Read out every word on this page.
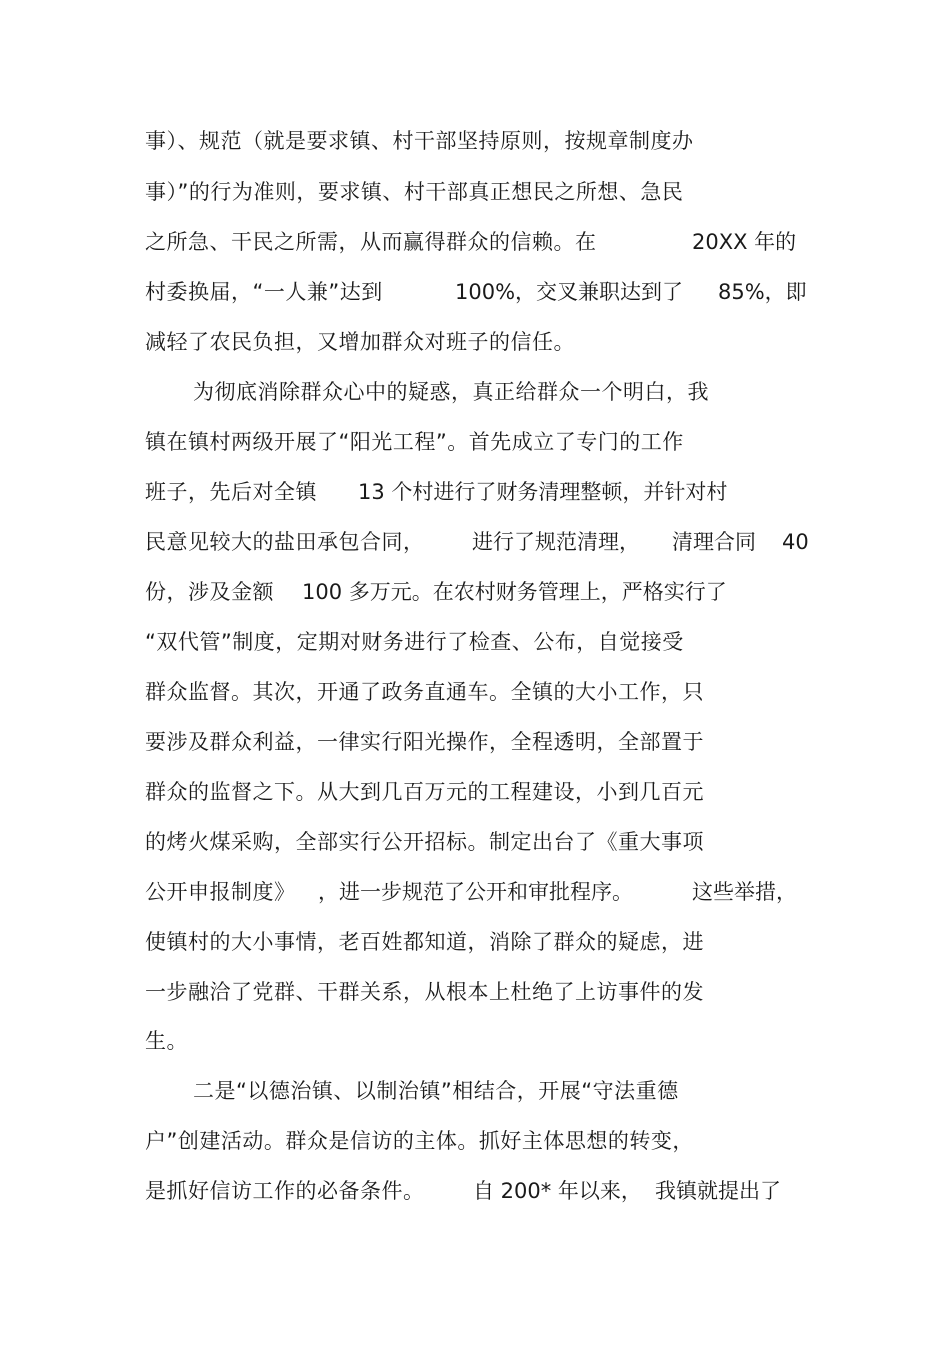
事）、规范（就是要求镇、村干部坚持原则，按规章制度办
事）”的行为准则，要求镇、村干部真正想民之所想、急民
之所急、干民之所需，从而赢得群众的信赖。在	20XX 年的
村委换届，“一人兼”达到	100%，交叉兼职达到了 85%，即
减轻了农民负担，又增加群众对班子的信任。
为彻底消除群众心中的疑惑，真正给群众一个明白，我
镇在镇村两级开展了“阳光工程”。首先成立了专门的工作
班子，先后对全镇 13 个村进行了财务清理整顿，并针对村
民意见较大的盐田承包合同， 进行了规范清理， 清理合同 40
份，涉及金额 100 多万元。在农村财务管理上，严格实行了
“双代管”制度，定期对财务进行了检查、公布，自觉接受
群众监督。其次，开通了政务直通车。全镇的大小工作，只
要涉及群众利益，一律实行阳光操作，全程透明，全部置于
群众的监督之下。从大到几百万元的工程建设，小到几百元
的烤火煤采购，全部实行公开招标。制定出台了《重大事项
公开申报制度》 ，进一步规范了公开和审批程序。	这些举措，
使镇村的大小事情，老百姓都知道，消除了群众的疑虑，进
一步融洽了党群、干群关系，从根本上杜绝了上访事件的发
生。
二是“以德治镇、以制治镇”相结合，开展“守法重德
户”创建活动。群众是信访的主体。抓好主体思想的转变，
是抓好信访工作的必备条件。 自 200* 年以来， 我镇就提出了
